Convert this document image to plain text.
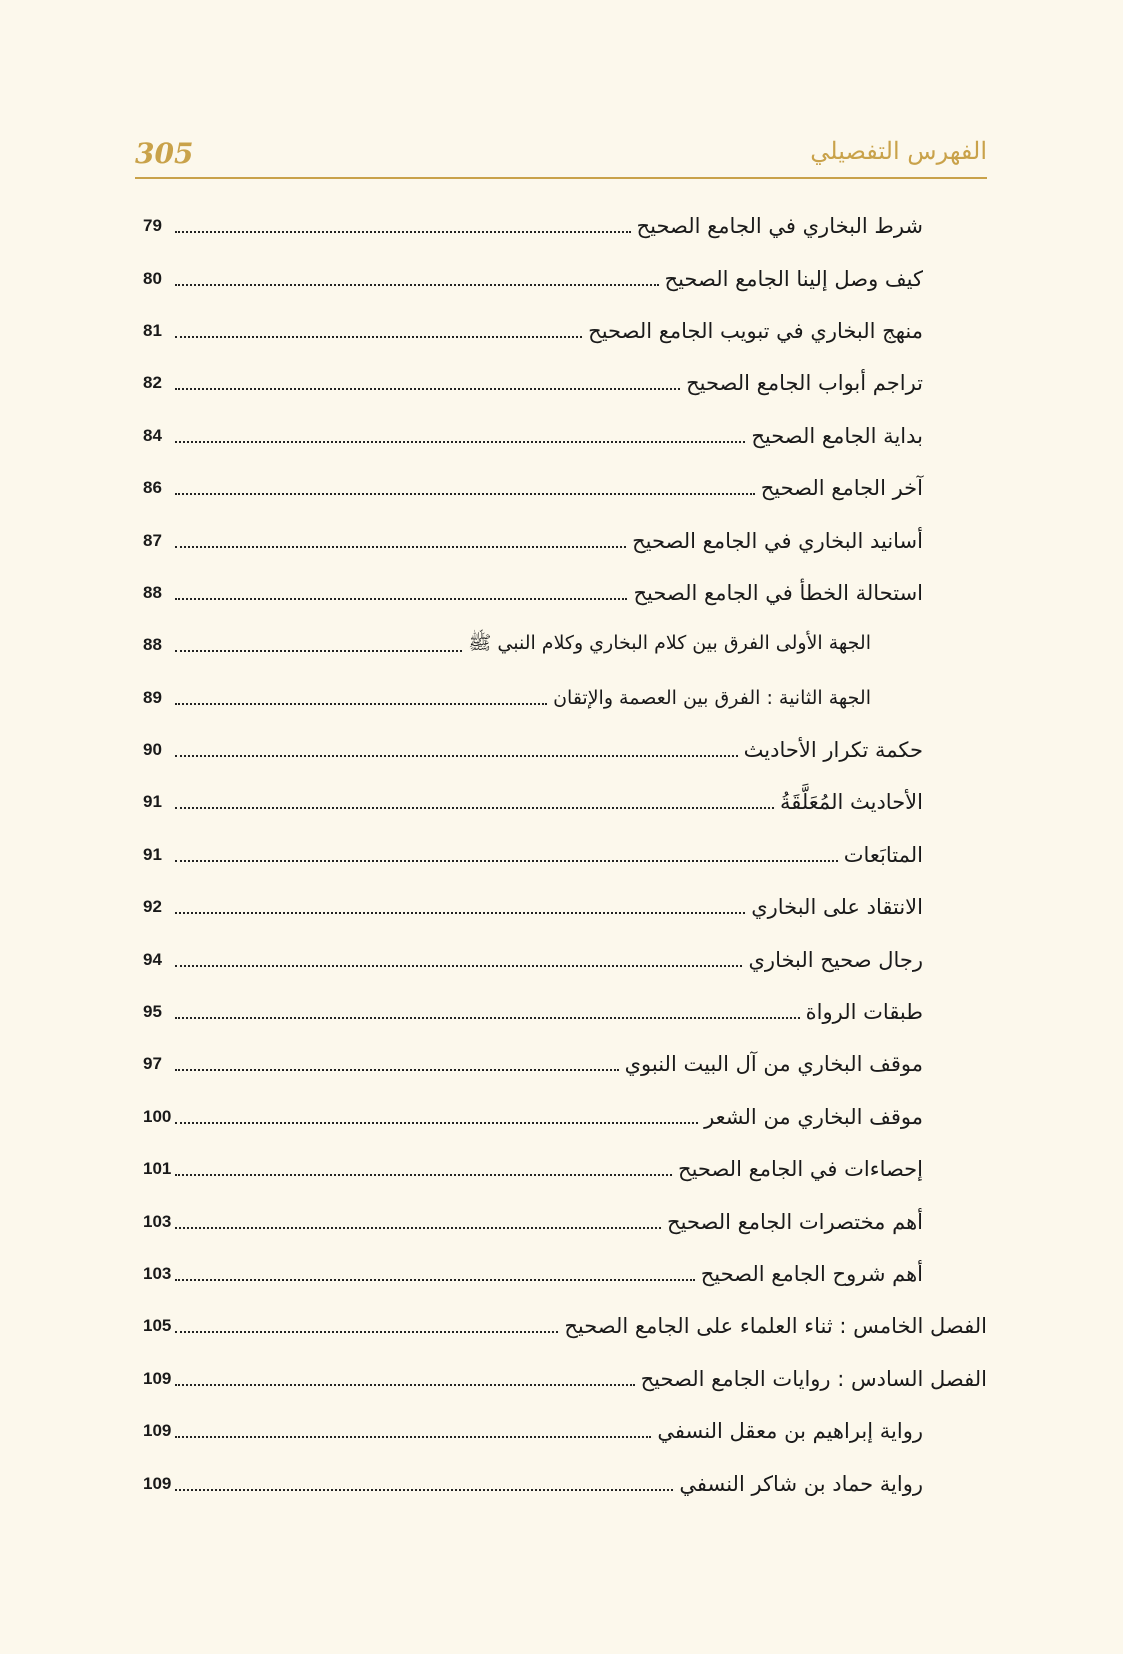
305	الفهرس التفصيلي
شرط البخاري في الجامع الصحيح
79
كيف وصل إلينا الجامع الصحيح
80
منهج البخاري في تبويب الجامع الصحيح
81
تراجم أبواب الجامع الصحيح
82
بداية الجامع الصحيح
84
آخر الجامع الصحيح
86
أسانيد البخاري في الجامع الصحيح
87
استحالة الخطأ في الجامع الصحيح
88
الجهة الأولى الفرق بين كلام البخاري وكلام النبي ﷺ
88
الجهة الثانية : الفرق بين العصمة والإتقان
89
حكمة تكرار الأحاديث
90
الأحاديث المُعَلَّقَةُ
91
المتابَعات
91
الانتقاد على البخاري
92
رجال صحيح البخاري
94
طبقات الرواة
95
موقف البخاري من آل البيت النبوي
97
موقف البخاري من الشعر
100
إحصاءات في الجامع الصحيح
101
أهم مختصرات الجامع الصحيح
103
أهم شروح الجامع الصحيح
103
الفصل الخامس : ثناء العلماء على الجامع الصحيح
105
الفصل السادس : روايات الجامع الصحيح
109
رواية إبراهيم بن معقل النسفي
109
رواية حماد بن شاكر النسفي
109
